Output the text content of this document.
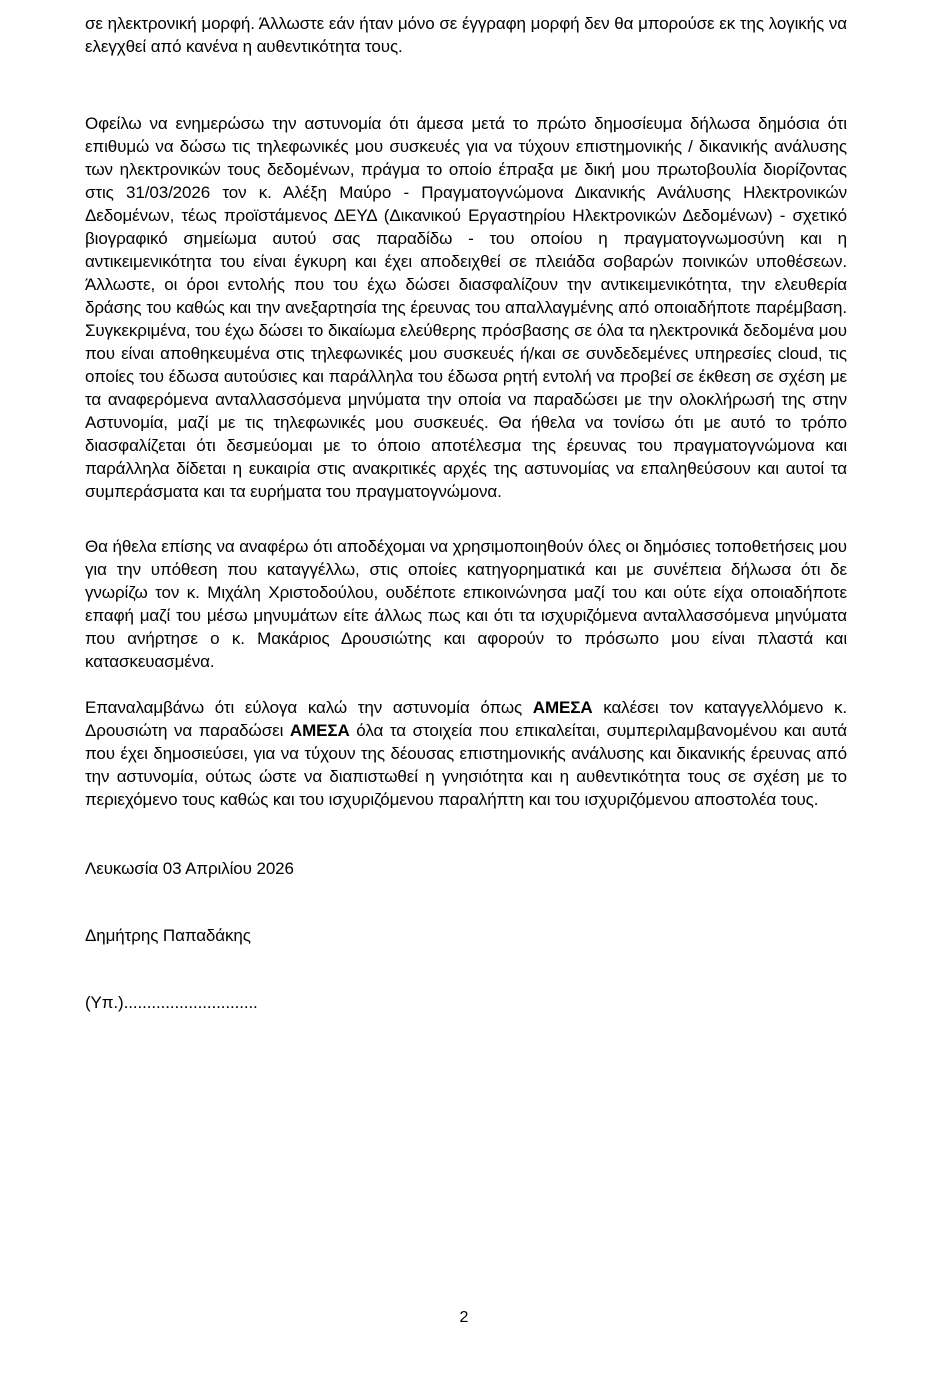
σε ηλεκτρονική μορφή. Άλλωστε εάν ήταν μόνο σε έγγραφη μορφή δεν θα μπορούσε εκ της λογικής να ελεγχθεί από κανένα η αυθεντικότητα τους.

Οφείλω να ενημερώσω την αστυνομία ότι άμεσα μετά το πρώτο δημοσίευμα δήλωσα δημόσια ότι επιθυμώ να δώσω τις τηλεφωνικές μου συσκευές για να τύχουν επιστημονικής / δικανικής ανάλυσης των ηλεκτρονικών τους δεδομένων, πράγμα το οποίο έπραξα με δική μου πρωτοβουλία διορίζοντας στις 31/03/2026 τον κ. Αλέξη Μαύρο - Πραγματογνώμονα Δικανικής Ανάλυσης Ηλεκτρονικών Δεδομένων, τέως προϊστάμενος ΔΕΥΔ (Δικανικού Εργαστηρίου Ηλεκτρονικών Δεδομένων) - σχετικό βιογραφικό σημείωμα αυτού σας παραδίδω - του οποίου η πραγματογνωμοσύνη και η αντικειμενικότητα του είναι έγκυρη και έχει αποδειχθεί σε πλειάδα σοβαρών ποινικών υποθέσεων. Άλλωστε, οι όροι εντολής που του έχω δώσει διασφαλίζουν την αντικειμενικότητα, την ελευθερία δράσης του καθώς και την ανεξαρτησία της έρευνας του απαλλαγμένης από οποιαδήποτε παρέμβαση. Συγκεκριμένα, του έχω δώσει το δικαίωμα ελεύθερης πρόσβασης σε όλα τα ηλεκτρονικά δεδομένα μου που είναι αποθηκευμένα στις τηλεφωνικές μου συσκευές ή/και σε συνδεδεμένες υπηρεσίες cloud, τις οποίες του έδωσα αυτούσιες και παράλληλα του έδωσα ρητή εντολή να προβεί σε έκθεση σε σχέση με τα αναφερόμενα ανταλλασσόμενα μηνύματα την οποία να παραδώσει με την ολοκλήρωσή της στην Αστυνομία, μαζί με τις τηλεφωνικές μου συσκευές. Θα ήθελα να τονίσω ότι με αυτό το τρόπο διασφαλίζεται ότι δεσμεύομαι με το όποιο αποτέλεσμα της έρευνας του πραγματογνώμονα και παράλληλα δίδεται η ευκαιρία στις ανακριτικές αρχές της αστυνομίας να επαληθεύσουν και αυτοί τα συμπεράσματα και τα ευρήματα του πραγματογνώμονα.

Θα ήθελα επίσης να αναφέρω ότι αποδέχομαι να χρησιμοποιηθούν όλες οι δημόσιες τοποθετήσεις μου για την υπόθεση που καταγγέλλω, στις οποίες κατηγορηματικά και με συνέπεια δήλωσα ότι δε γνωρίζω τον κ. Μιχάλη Χριστοδούλου, ουδέποτε επικοινώνησα μαζί του και ούτε είχα οποιαδήποτε επαφή μαζί του μέσω μηνυμάτων είτε άλλως πως και ότι τα ισχυριζόμενα ανταλλασσόμενα μηνύματα που ανήρτησε ο κ. Μακάριος Δρουσιώτης και αφορούν το πρόσωπο μου είναι πλαστά και κατασκευασμένα.

Επαναλαμβάνω ότι εύλογα καλώ την αστυνομία όπως ΑΜΕΣΑ καλέσει τον καταγγελλόμενο κ. Δρουσιώτη να παραδώσει ΑΜΕΣΑ όλα τα στοιχεία που επικαλείται, συμπεριλαμβανομένου και αυτά που έχει δημοσιεύσει, για να τύχουν της δέουσας επιστημονικής ανάλυσης και δικανικής έρευνας από την αστυνομία, ούτως ώστε να διαπιστωθεί η γνησιότητα και η αυθεντικότητα τους σε σχέση με το περιεχόμενο τους καθώς και του ισχυριζόμενου παραλήπτη και του ισχυριζόμενου αποστολέα τους.

Λευκωσία 03 Απριλίου 2026

Δημήτρης Παπαδάκης

(Υπ.).............................

2
